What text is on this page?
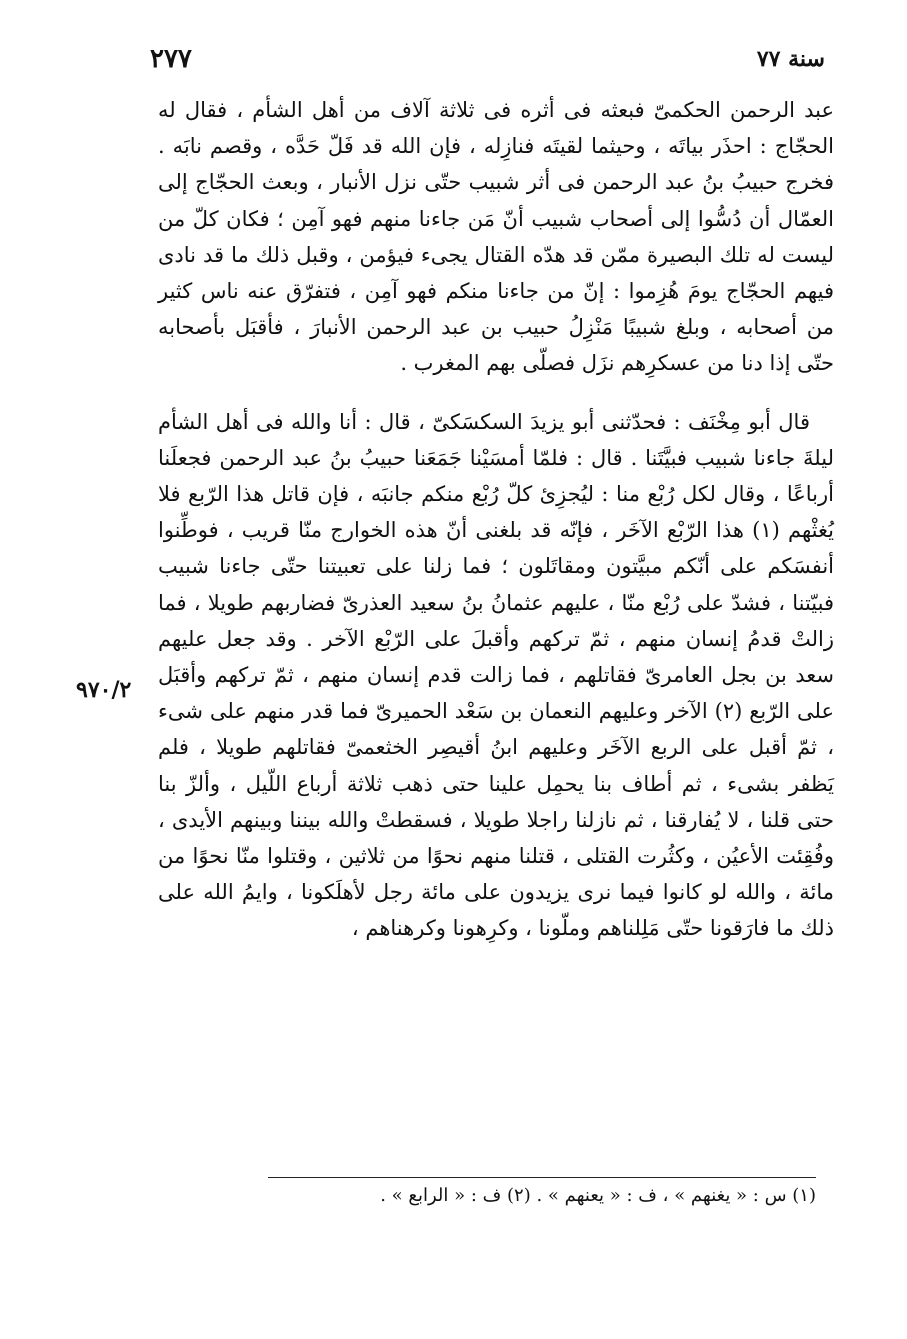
٢٧٧	سنة ٧٧
٩٧٠/٢

عبد الرحمن الحكمىّ فبعثه فى أثره فى ثلاثة آلاف من أهل الشأم ، فقال له الحجّاج : احذَر بياتَه ، وحيثما لقيتَه فنازِله ، فإن الله قد فَلّ حَدَّه ، وقصم نابَه . فخرج حبيبُ بنُ عبد الرحمن فى أثر شبيب حتّى نزل الأنبار ، وبعث الحجّاج إلى العمّال أن دُسُّوا إلى أصحاب شبيب أنّ مَن جاءنا منهم فهو آمِن ؛ فكان كلّ من ليست له تلك البصيرة ممّن قد هدّه القتال يجىء فيؤمن ، وقبل ذلك ما قد نادى فيهم الحجّاج يومَ هُزِموا : إنّ من جاءنا منكم فهو آمِن ، فتفرّق عنه ناس كثير من أصحابه ، وبلغ شبيبًا مَنْزِلُ حبيب بن عبد الرحمن الأنبارَ ، فأقبَل بأصحابه حتّى إذا دنا من عسكرِهم نزَل فصلّى بهم المغرب .

قال أبو مِخْنَف : فحدّثنى أبو يزيدَ السكسَكىّ ، قال : أنا والله فى أهل الشأم ليلةَ جاءنا شبيب فبيَّتَنا . قال : فلمّا أمسَيْنا جَمَعَنا حبيبُ بنُ عبد الرحمن فجعلَنا أرباعًا ، وقال لكل رُبْع منا : ليُجزِئ كلّ رُبْع منكم جانبَه ، فإن قاتل هذا الرّبع فلا يُغثْهم (١) هذا الرّبْع الآخَر ، فإنّه قد بلغنى أنّ هذه الخوارج منّا قريب ، فوطِّنوا أنفسَكم على أنّكم مبيَّتون ومقاتَلون ؛ فما زلنا على تعبيتنا حتّى جاءنا شبيب فبيّتنا ، فشدّ على رُبْع منّا ، عليهم عثمانُ بنُ سعيد العذرىّ فضاربهم طويلا ، فما زالتْ قدمُ إنسان منهم ، ثمّ تركهم وأقبلَ على الرّبْع الآخر . وقد جعل عليهم سعد بن بجل العامرىّ فقاتلهم ، فما زالت قدم إنسان منهم ، ثمّ تركهم وأقبَل على الرّبع (٢) الآخر وعليهم النعمان بن سَعْد الحميرىّ فما قدر منهم على شىء ، ثمّ أقبل على الربع الآخَر وعليهم ابنُ أقيصِر الخثعمىّ فقاتلهم طويلا ، فلم يَظفر بشىء ، ثم أطاف بنا يحمِل علينا حتى ذهب ثلاثة أرباع اللّيل ، وألزّ بنا حتى قلنا ، لا يُفارقنا ، ثم نازلنا راجلا طويلا ، فسقطتْ والله بيننا وبينهم الأيدى ، وفُقِئت الأعيُن ، وكثُرت القتلى ، قتلنا منهم نحوًا من ثلاثين ، وقتلوا منّا نحوًا من مائة ، والله لو كانوا فيما نرى يزيدون على مائة رجل لأهلَكونا ، وايمُ الله على ذلك ما فارَقونا حتّى مَلِلناهم وملّونا ، وكرِهونا وكرهناهم ،

(١) س : « يغنهم » ، ف : « يعنهم » . (٢) ف : « الرابع » .
